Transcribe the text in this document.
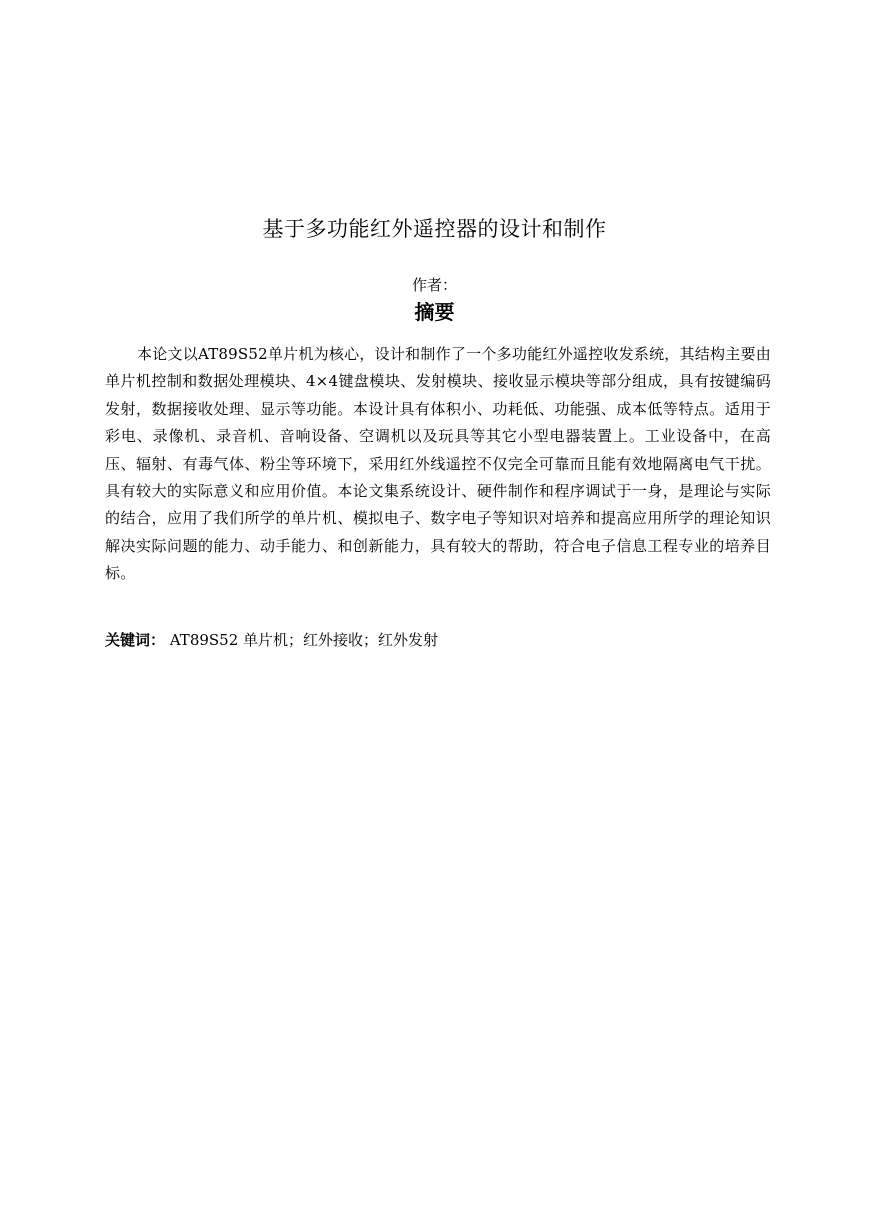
基于多功能红外遥控器的设计和制作
作者：
摘要

本论文以AT89S52单片机为核心，设计和制作了一个多功能红外遥控收发系统，其结构主要由单片机控制和数据处理模块、4×4键盘模块、发射模块、接收显示模块等部分组成，具有按键编码发射，数据接收处理、显示等功能。本设计具有体积小、功耗低、功能强、成本低等特点。适用于彩电、录像机、录音机、音响设备、空调机以及玩具等其它小型电器装置上。工业设备中，在高压、辐射、有毒气体、粉尘等环境下，采用红外线遥控不仅完全可靠而且能有效地隔离电气干扰。具有较大的实际意义和应用价值。本论文集系统设计、硬件制作和程序调试于一身，是理论与实际的结合，应用了我们所学的单片机、模拟电子、数字电子等知识对培养和提高应用所学的理论知识解决实际问题的能力、动手能力、和创新能力，具有较大的帮助，符合电子信息工程专业的培养目标。

关键词： AT89S52 单片机；红外接收；红外发射
